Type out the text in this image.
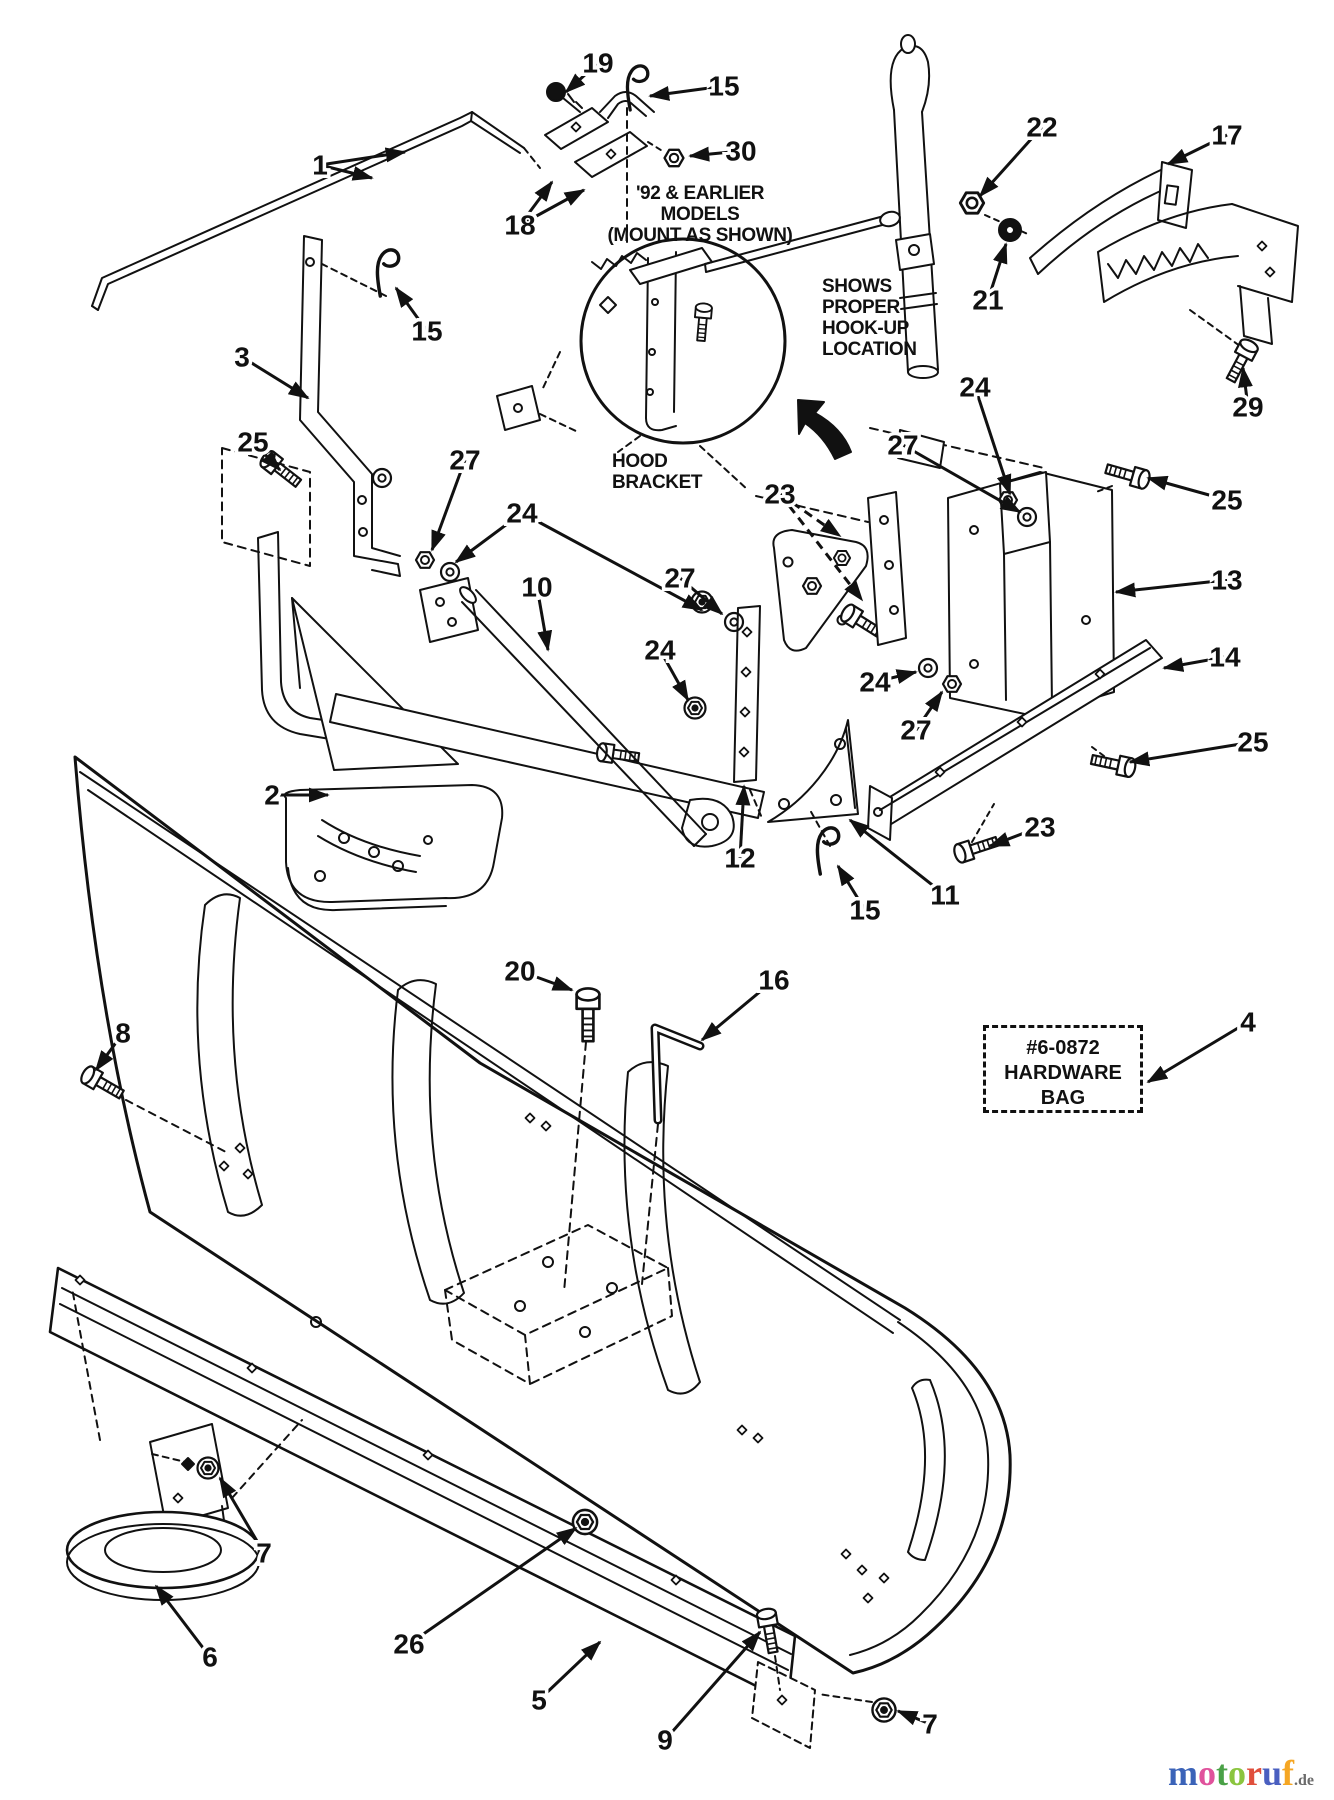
19
15
30
1
18
22	17
21
29
3
15
25
27
24
10
2
23
24
27
25
13
14
25
27
24
24
27
12
11
15
23
8
20	16
4
7
6	26
5
9
7
'92 & EARLIER
MODELS
(MOUNT AS SHOWN)
SHOWS
PROPER
HOOK-UP
LOCATION
HOOD
BRACKET
#6-0872
HARDWARE
BAG
motoruf.de
